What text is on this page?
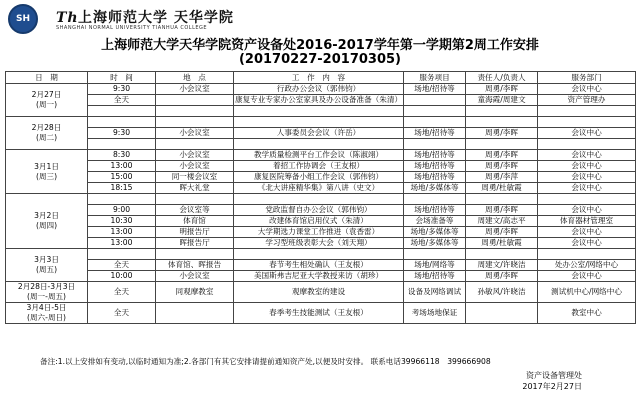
SH	Th上海师范大学 天华学院
SHANGHAI NORMAL UNIVERSITY TIANHUA COLLEGE
上海师范大学天华学院资产设备处2016-2017学年第一学期第2周工作安排
(20170227-20170305)
日　期	时　间	地　点	工　作　内　容	服务项目	责任人/负责人	服务部门

2月27日
(周一)	9:30	小会议室	行政办公会议（郭伟钧）	场地/招待等	周勇/李晖	会议中心
	全天		康复专业专家办公室家具及办公设备准备（朱清）		童海霞/周建文	资产管理办

2月28日
(周二)						

	9:30	小会议室	人事委员会会议（许岳）	场地/招待等	周勇/李晖	会议中心

3月1日
(周三)	8:30	小会议室	教学质量检测平台工作会议（陈淑翊）	场地/招待等	周勇/李晖	会议中心
	13:00	小会议室	着招工作协调会（王友根）	场地/招待等	周勇/李晖	会议中心
	15:00	同一楼会议室	康复医院筹备小组工作会议（郭伟钧）	场地/招待等	周勇/李萍	会议中心
	18:15	晖大礼堂	《北大讲座精华集》第八讲（史文）	场地/多媒体等	周勇/杜敏霞	会议中心

3月2日
(周四)						

	9:00	会议室等	党政监督自办公会议（郭伟钧）	场地/招待等	周勇/李晖	会议中心
	10:30	体育馆	改建体育馆启用仪式（朱清）	会场准备等	周建文/高志平	体育器材管理室
	13:00	明报告厅	大学期选力课堂工作推进（袁香雷）	场地/多媒体等	周勇/李晖	会议中心
	13:00	晖报告厅	学习型班级表彰大会（刘天翔）	场地/多媒体等	周勇/杜敏霞	会议中心

3月3日
(周五)						

	全天	体育馆、晖报告	春节考生相处确认（王友根）	场地/网络等	周建文/许晓洁	处办公室/网络中心
	10:00	小会议室	美国斯弗吉尼亚大学教授来访（胡珍）	场地/招待等	周勇/李晖	会议中心

2月28日-3月3日
(周一-周五)	全天	同观摩教室	观摩教室的建设	设备及网络调试	孙敏风/许晓洁	测试机中心/网络中心

3月4日-5日
(周六-周日)	全天		春季考生技能测试（王友根）	考场场地保证		教室中心
备注:1.以上安排如有变动,以临时通知为准;2.各部门有其它安排请提前通知资产处,以便及时安排。 联系电话39966118　399666908
资产设备管理处
2017年2月27日
